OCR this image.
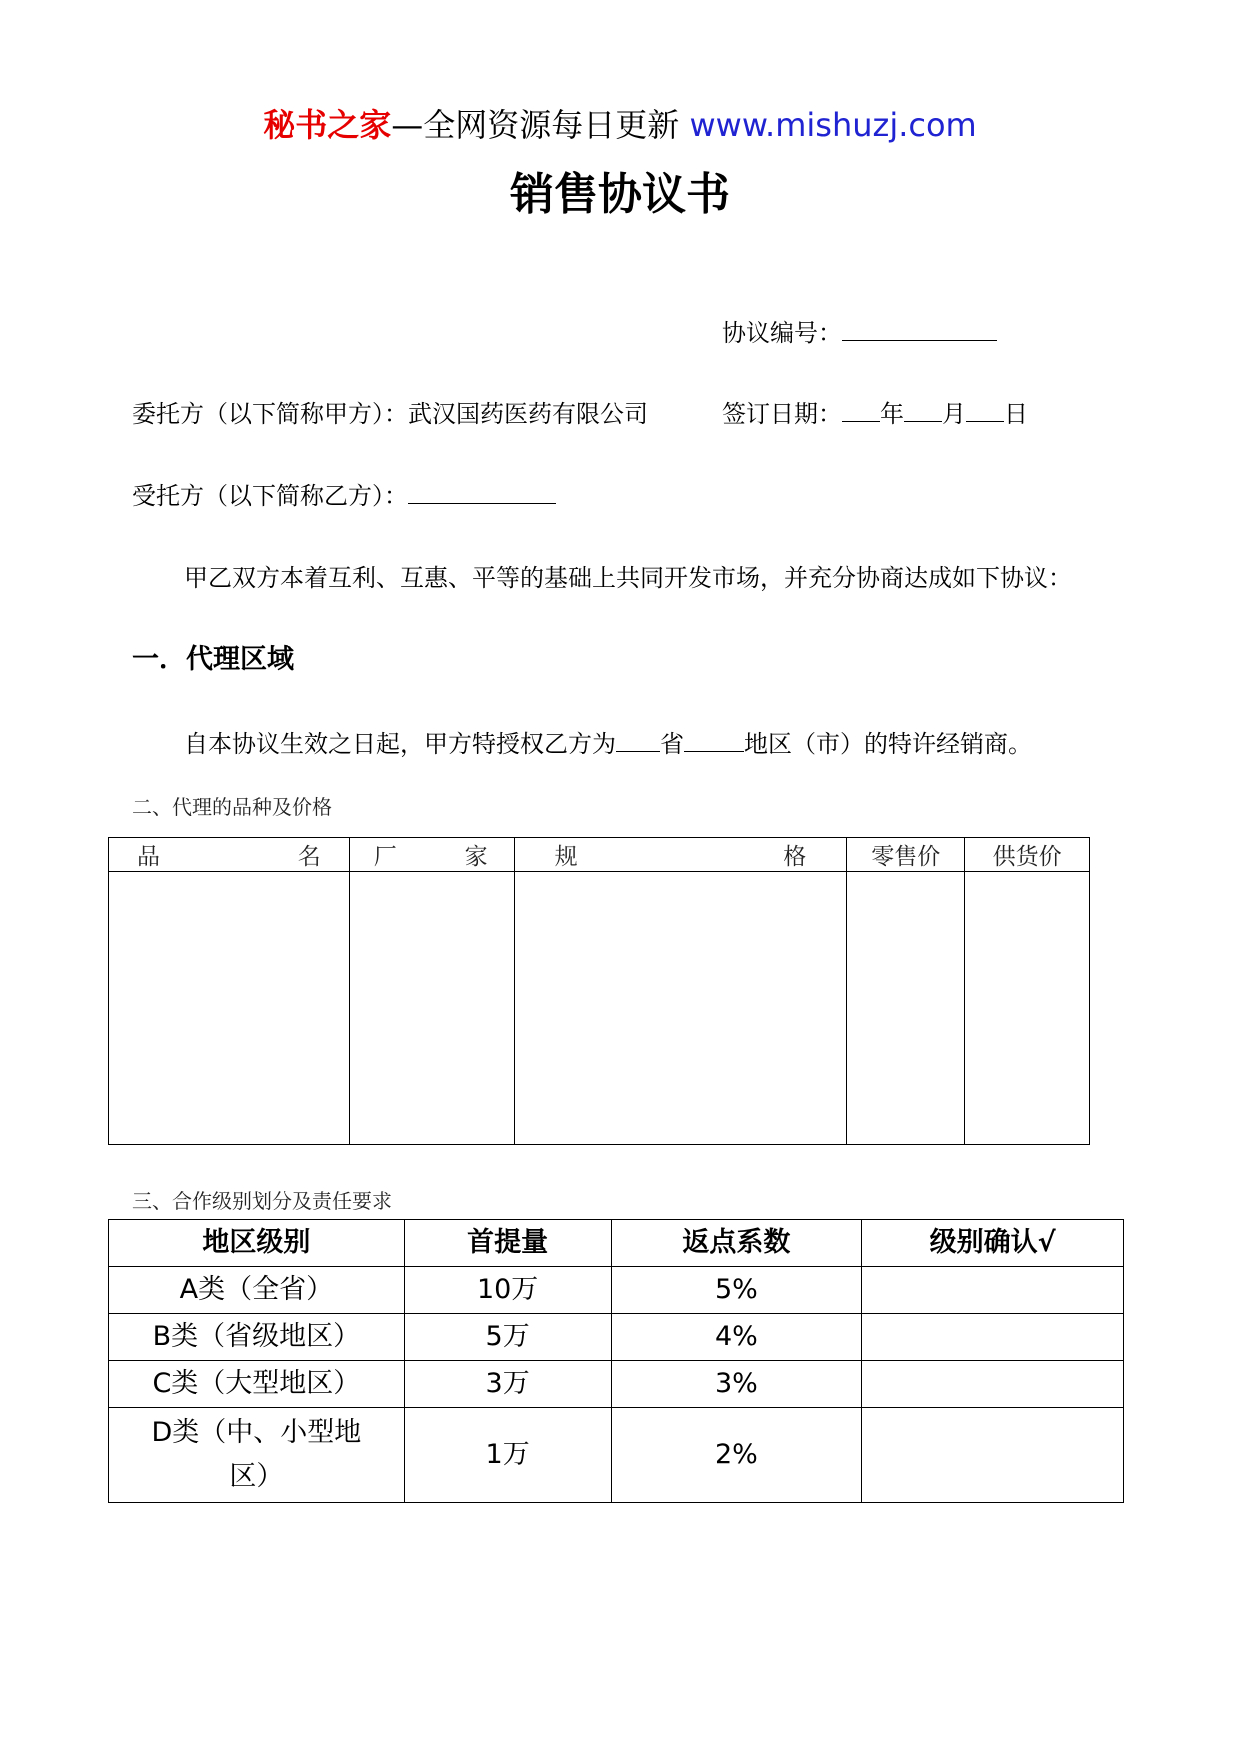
秘书之家—全网资源每日更新 www.mishuzj.com
销售协议书
协议编号：
委托方（以下简称甲方）：武汉国药医药有限公司	签订日期： 年 月 日
受托方（以下简称乙方）：
甲乙双方本着互利、互惠、平等的基础上共同开发市场，并充分协商达成如下协议：
一．代理区域
自本协议生效之日起，甲方特授权乙方为 省	地区（市）的特许经销商。
二、代理的品种及价格
品 名	厂 家	规 格	零售价	供货价

三、合作级别划分及责任要求
地区级别	首提量	返点系数	级别确认√
A类（全省）	10万	5%	
B类（省级地区）	5万	4%	
C类（大型地区）	3万	3%	

D类（中、小型地
区）	1万	2%	
